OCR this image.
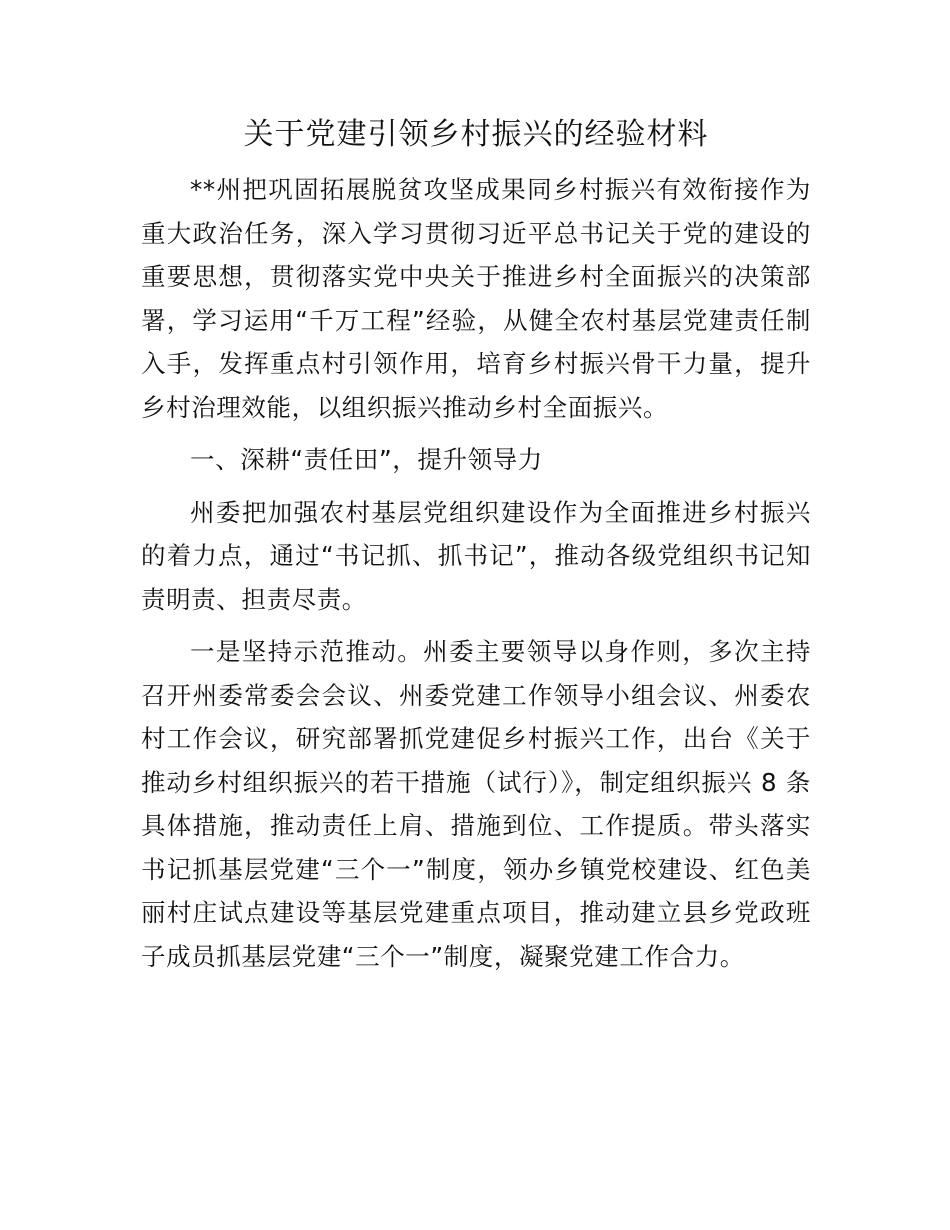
关于党建引领乡村振兴的经验材料

**州把巩固拓展脱贫攻坚成果同乡村振兴有效衔接作为重大政治任务，深入学习贯彻习近平总书记关于党的建设的重要思想，贯彻落实党中央关于推进乡村全面振兴的决策部署，学习运用“千万工程”经验，从健全农村基层党建责任制入手，发挥重点村引领作用，培育乡村振兴骨干力量，提升乡村治理效能，以组织振兴推动乡村全面振兴。

一、深耕“责任田”，提升领导力

州委把加强农村基层党组织建设作为全面推进乡村振兴的着力点，通过“书记抓、抓书记”，推动各级党组织书记知责明责、担责尽责。

一是坚持示范推动。州委主要领导以身作则，多次主持召开州委常委会会议、州委党建工作领导小组会议、州委农村工作会议，研究部署抓党建促乡村振兴工作，出台《关于推动乡村组织振兴的若干措施（试行）》，制定组织振兴 8 条具体措施，推动责任上肩、措施到位、工作提质。带头落实书记抓基层党建“三个一”制度，领办乡镇党校建设、红色美丽村庄试点建设等基层党建重点项目，推动建立县乡党政班子成员抓基层党建“三个一”制度，凝聚党建工作合力。
